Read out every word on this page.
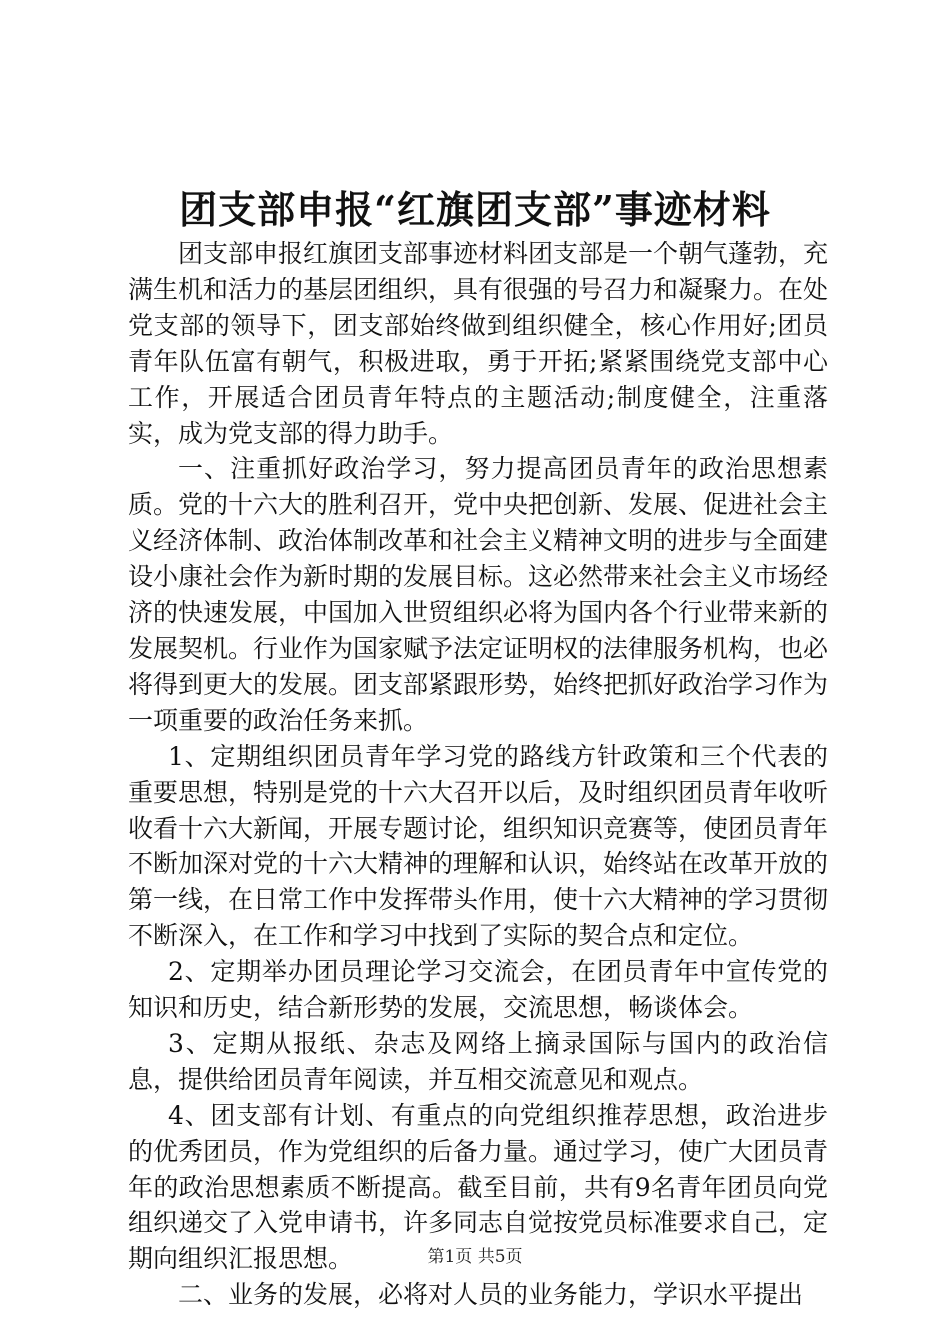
团支部申报“红旗团支部”事迹材料

团支部申报红旗团支部事迹材料团支部是一个朝气蓬勃，充满生机和活力的基层团组织，具有很强的号召力和凝聚力。在处党支部的领导下，团支部始终做到组织健全，核心作用好;团员青年队伍富有朝气，积极进取，勇于开拓;紧紧围绕党支部中心工作，开展适合团员青年特点的主题活动;制度健全，注重落实，成为党支部的得力助手。

一、注重抓好政治学习，努力提高团员青年的政治思想素质。党的十六大的胜利召开，党中央把创新、发展、促进社会主义经济体制、政治体制改革和社会主义精神文明的进步与全面建设小康社会作为新时期的发展目标。这必然带来社会主义市场经济的快速发展，中国加入世贸组织必将为国内各个行业带来新的发展契机。行业作为国家赋予法定证明权的法律服务机构，也必将得到更大的发展。团支部紧跟形势，始终把抓好政治学习作为一项重要的政治任务来抓。

1、定期组织团员青年学习党的路线方针政策和三个代表的重要思想，特别是党的十六大召开以后，及时组织团员青年收听收看十六大新闻，开展专题讨论，组织知识竞赛等，使团员青年不断加深对党的十六大精神的理解和认识，始终站在改革开放的第一线，在日常工作中发挥带头作用，使十六大精神的学习贯彻不断深入，在工作和学习中找到了实际的契合点和定位。

2、定期举办团员理论学习交流会，在团员青年中宣传党的知识和历史，结合新形势的发展，交流思想，畅谈体会。

3、定期从报纸、杂志及网络上摘录国际与国内的政治信息，提供给团员青年阅读，并互相交流意见和观点。

4、团支部有计划、有重点的向党组织推荐思想，政治进步的优秀团员，作为党组织的后备力量。通过学习，使广大团员青年的政治思想素质不断提高。截至目前，共有9名青年团员向党组织递交了入党申请书，许多同志自觉按党员标准要求自己，定期向组织汇报思想。

二、业务的发展，必将对人员的业务能力，学识水平提出

第1页 共5页
